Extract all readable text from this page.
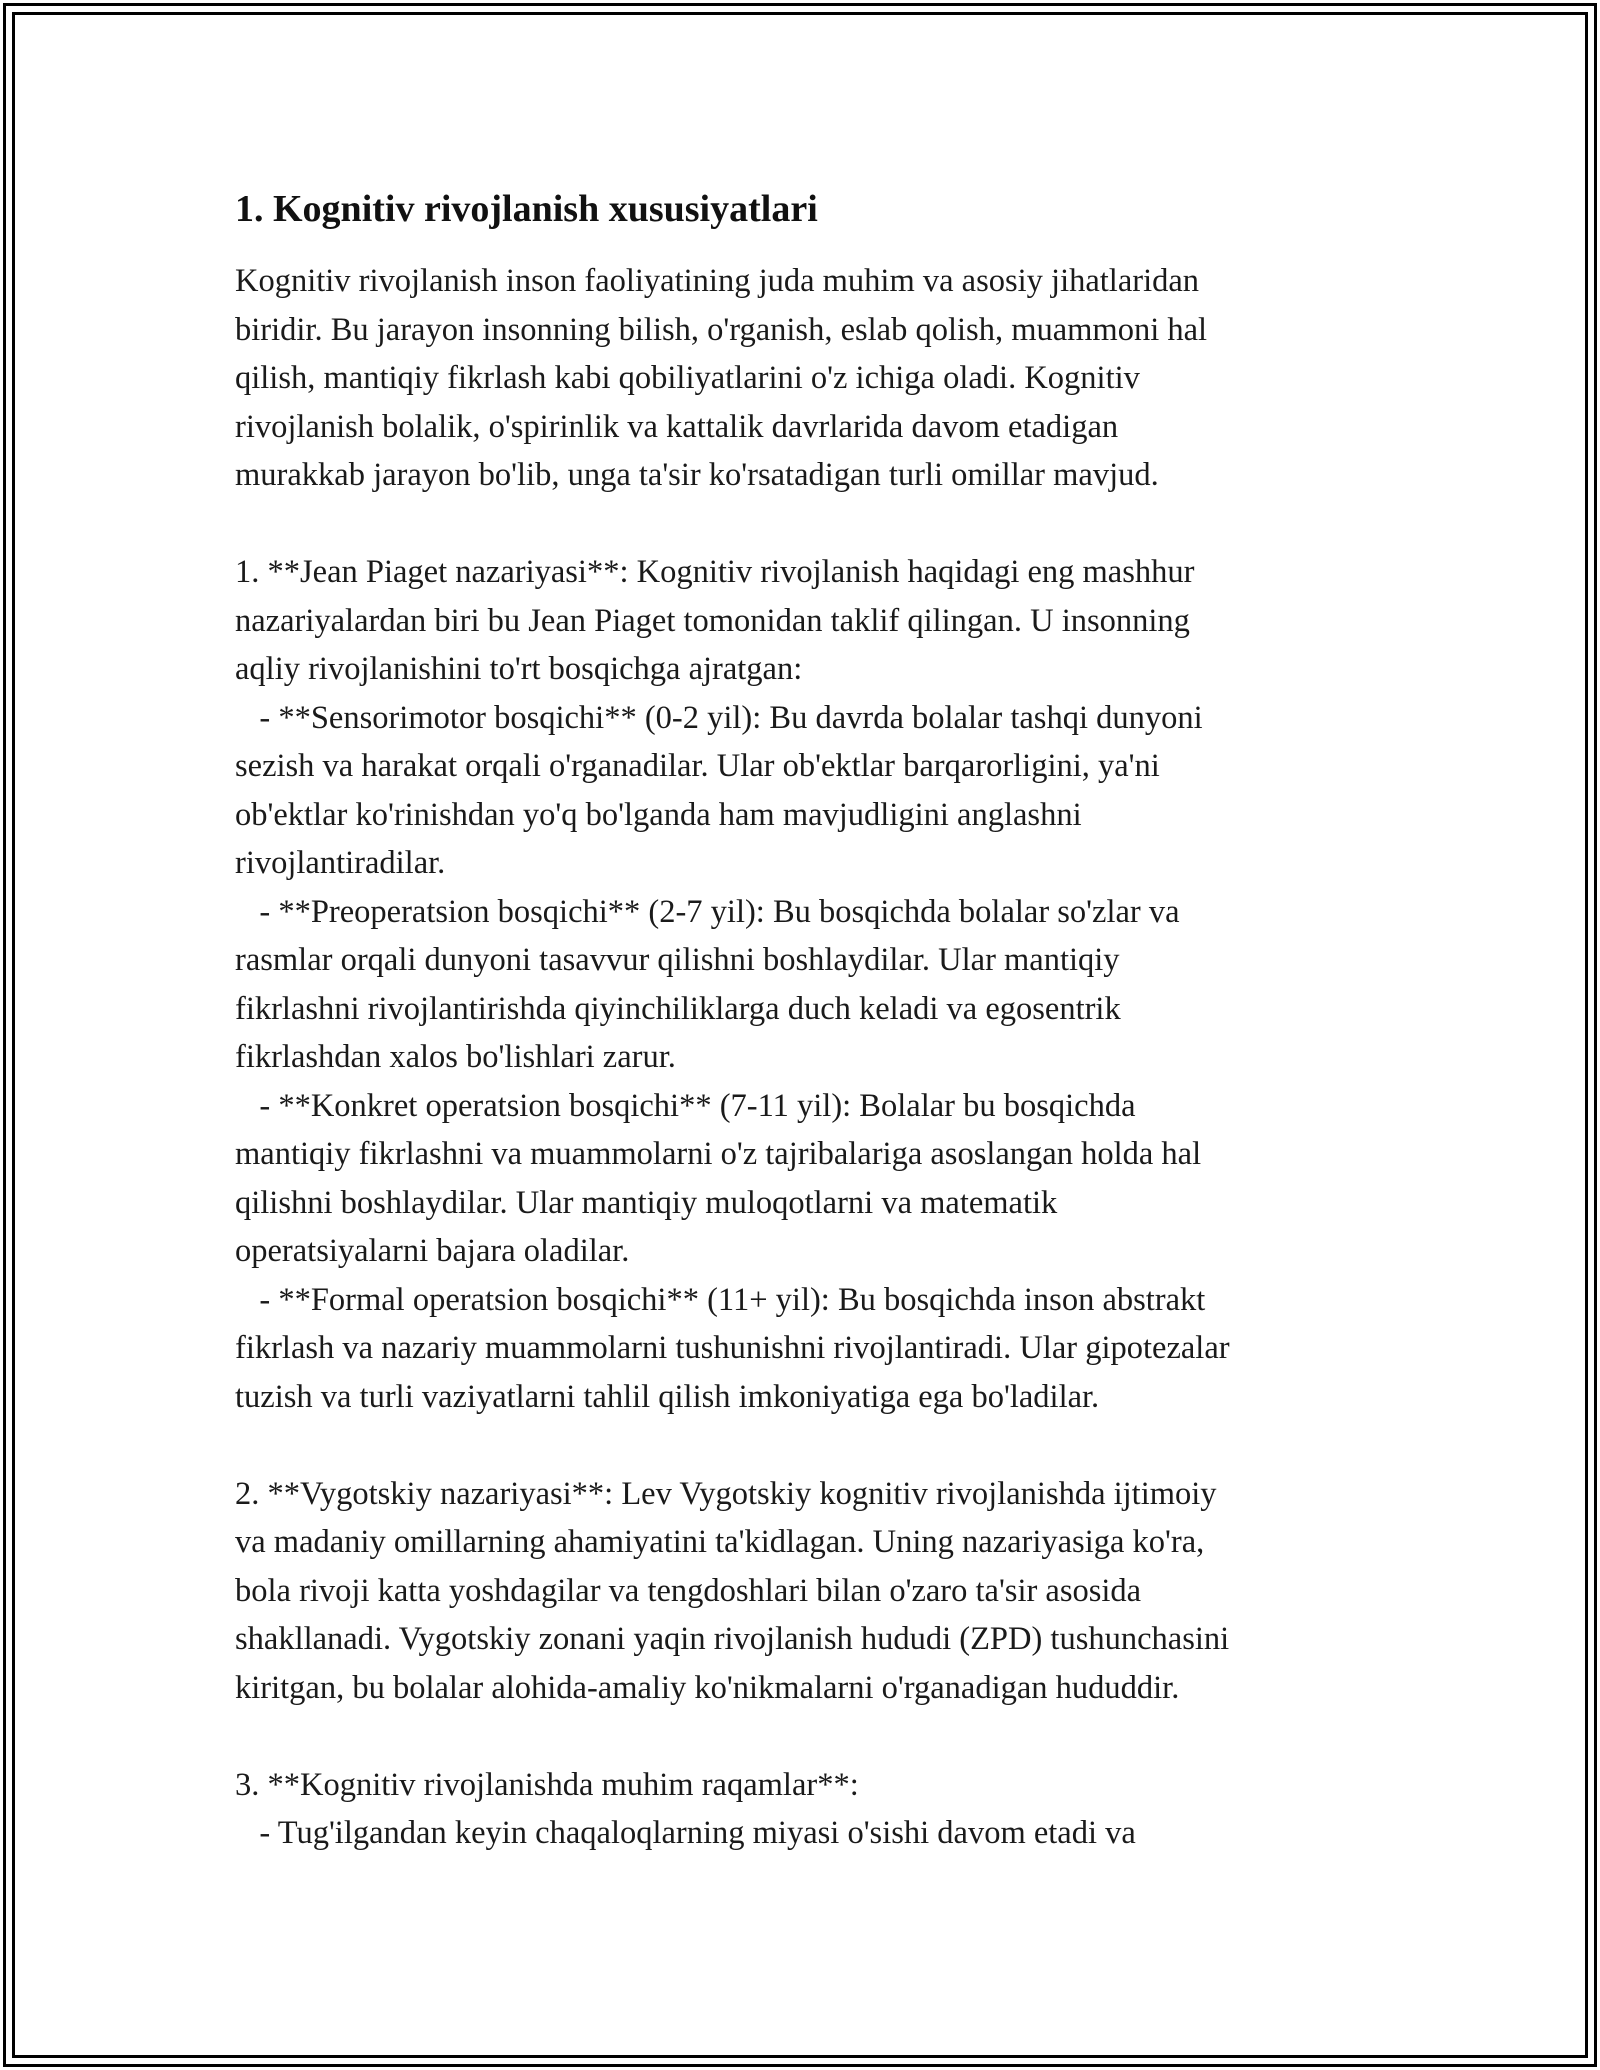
1. Kognitiv rivojlanish xususiyatlari
Kognitiv rivojlanish inson faoliyatining juda muhim va asosiy jihatlaridan
biridir. Bu jarayon insonning bilish, o'rganish, eslab qolish, muammoni hal
qilish, mantiqiy fikrlash kabi qobiliyatlarini o'z ichiga oladi. Kognitiv
rivojlanish bolalik, o'spirinlik va kattalik davrlarida davom etadigan
murakkab jarayon bo'lib, unga ta'sir ko'rsatadigan turli omillar mavjud.
1. **Jean Piaget nazariyasi**: Kognitiv rivojlanish haqidagi eng mashhur
nazariyalardan biri bu Jean Piaget tomonidan taklif qilingan. U insonning
aqliy rivojlanishini to'rt bosqichga ajratgan:
- **Sensorimotor bosqichi** (0-2 yil): Bu davrda bolalar tashqi dunyoni
sezish va harakat orqali o'rganadilar. Ular ob'ektlar barqarorligini, ya'ni
ob'ektlar ko'rinishdan yo'q bo'lganda ham mavjudligini anglashni
rivojlantiradilar.
- **Preoperatsion bosqichi** (2-7 yil): Bu bosqichda bolalar so'zlar va
rasmlar orqali dunyoni tasavvur qilishni boshlaydilar. Ular mantiqiy
fikrlashni rivojlantirishda qiyinchiliklarga duch keladi va egosentrik
fikrlashdan xalos bo'lishlari zarur.
- **Konkret operatsion bosqichi** (7-11 yil): Bolalar bu bosqichda
mantiqiy fikrlashni va muammolarni o'z tajribalariga asoslangan holda hal
qilishni boshlaydilar. Ular mantiqiy muloqotlarni va matematik
operatsiyalarni bajara oladilar.
- **Formal operatsion bosqichi** (11+ yil): Bu bosqichda inson abstrakt
fikrlash va nazariy muammolarni tushunishni rivojlantiradi. Ular gipotezalar
tuzish va turli vaziyatlarni tahlil qilish imkoniyatiga ega bo'ladilar.
2. **Vygotskiy nazariyasi**: Lev Vygotskiy kognitiv rivojlanishda ijtimoiy
va madaniy omillarning ahamiyatini ta'kidlagan. Uning nazariyasiga ko'ra,
bola rivoji katta yoshdagilar va tengdoshlari bilan o'zaro ta'sir asosida
shakllanadi. Vygotskiy zonani yaqin rivojlanish hududi (ZPD) tushunchasini
kiritgan, bu bolalar alohida-amaliy ko'nikmalarni o'rganadigan hududdir.
3. **Kognitiv rivojlanishda muhim raqamlar**:
- Tug'ilgandan keyin chaqaloqlarning miyasi o'sishi davom etadi va
